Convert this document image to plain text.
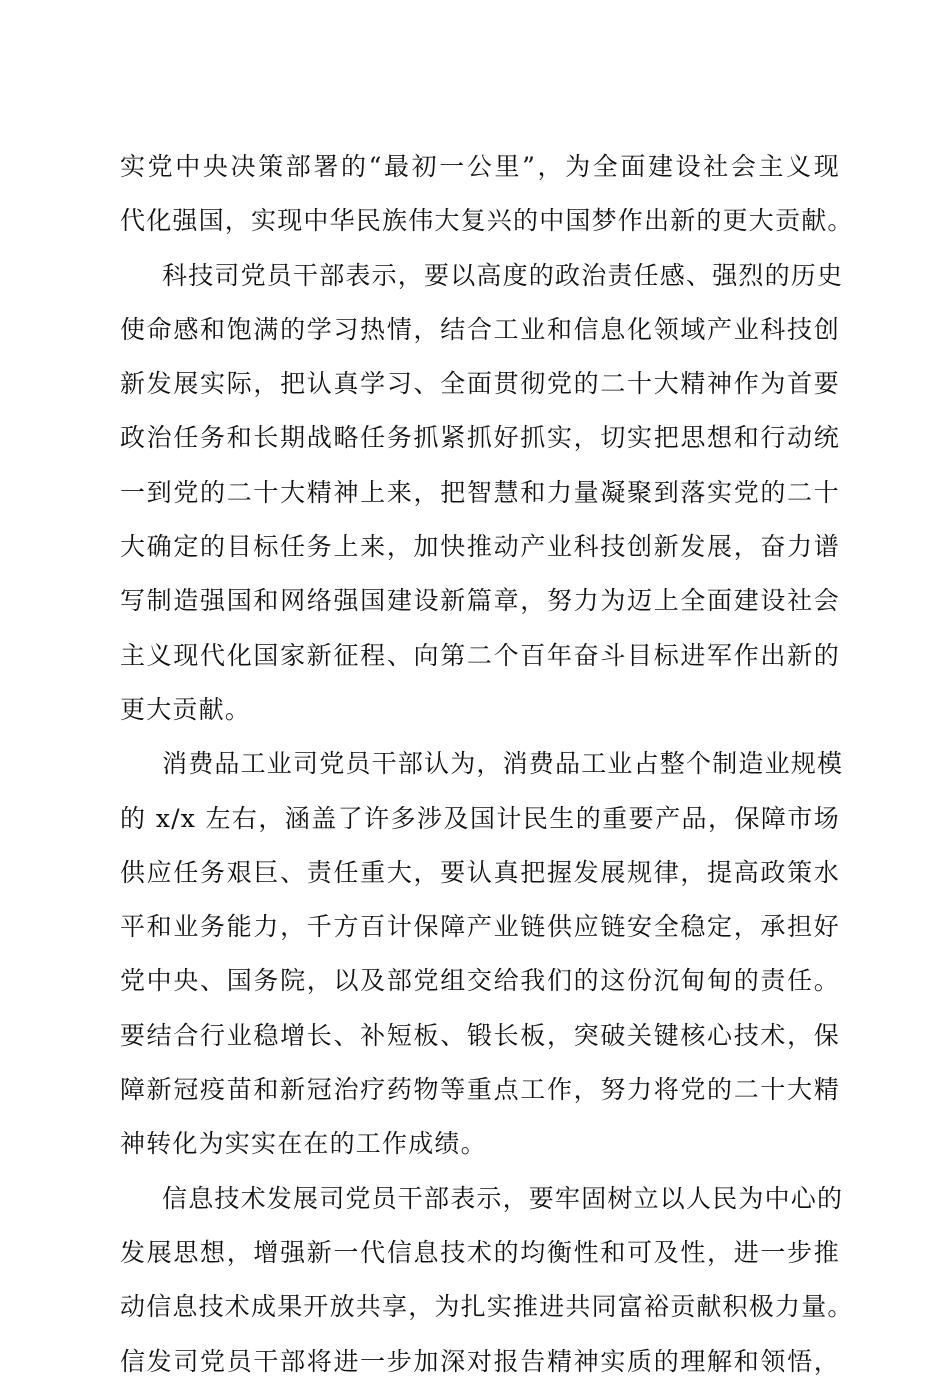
实党中央决策部署的“最初一公里”，为全面建设社会主义现
代化强国，实现中华民族伟大复兴的中国梦作出新的更大贡献。
科技司党员干部表示，要以高度的政治责任感、强烈的历史
使命感和饱满的学习热情，结合工业和信息化领域产业科技创
新发展实际，把认真学习、全面贯彻党的二十大精神作为首要
政治任务和长期战略任务抓紧抓好抓实，切实把思想和行动统
一到党的二十大精神上来，把智慧和力量凝聚到落实党的二十
大确定的目标任务上来，加快推动产业科技创新发展，奋力谱
写制造强国和网络强国建设新篇章，努力为迈上全面建设社会
主义现代化国家新征程、向第二个百年奋斗目标进军作出新的
更大贡献。
消费品工业司党员干部认为，消费品工业占整个制造业规模
的 x/x 左右，涵盖了许多涉及国计民生的重要产品，保障市场
供应任务艰巨、责任重大，要认真把握发展规律，提高政策水
平和业务能力，千方百计保障产业链供应链安全稳定，承担好
党中央、国务院，以及部党组交给我们的这份沉甸甸的责任。
要结合行业稳增长、补短板、锻长板，突破关键核心技术，保
障新冠疫苗和新冠治疗药物等重点工作，努力将党的二十大精
神转化为实实在在的工作成绩。
信息技术发展司党员干部表示，要牢固树立以人民为中心的
发展思想，增强新一代信息技术的均衡性和可及性，进一步推
动信息技术成果开放共享，为扎实推进共同富裕贡献积极力量。
信发司党员干部将进一步加深对报告精神实质的理解和领悟，
